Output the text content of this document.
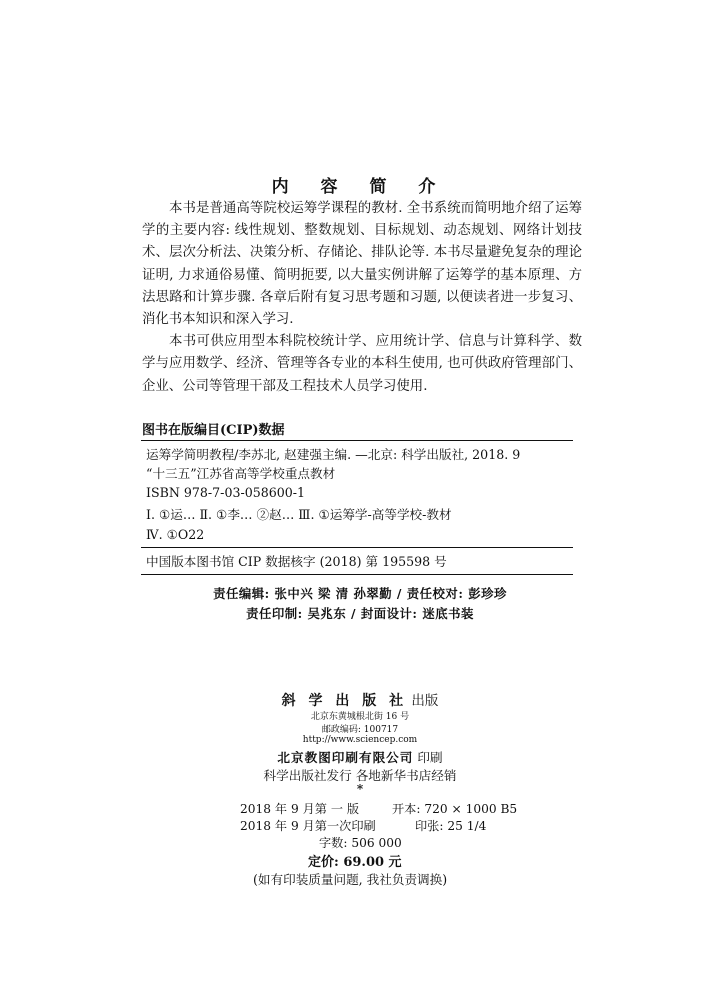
内 容 简 介

本书是普通高等院校运筹学课程的教材. 全书系统而简明地介绍了运筹学的主要内容: 线性规划、整数规划、目标规划、动态规划、网络计划技术、层次分析法、决策分析、存储论、排队论等. 本书尽量避免复杂的理论证明, 力求通俗易懂、简明扼要, 以大量实例讲解了运筹学的基本原理、方法思路和计算步骤. 各章后附有复习思考题和习题, 以便读者进一步复习、消化书本知识和深入学习.

本书可供应用型本科院校统计学、应用统计学、信息与计算科学、数学与应用数学、经济、管理等各专业的本科生使用, 也可供政府管理部门、企业、公司等管理干部及工程技术人员学习使用.

图书在版编目(CIP)数据
运筹学简明教程/李苏北, 赵建强主编. —北京: 科学出版社, 2018. 9
“十三五”江苏省高等学校重点教材
ISBN 978-7-03-058600-1
Ⅰ. ①运… Ⅱ. ①李… ②赵… Ⅲ. ①运筹学-高等学校-教材
Ⅳ. ①O22
中国版本图书馆 CIP 数据核字 (2018) 第 195598 号
责任编辑: 张中兴 梁 清 孙翠勤 / 责任校对: 彭珍珍
责任印制: 吴兆东 / 封面设计: 迷底书装
斜 学 出 版 社 出版
北京东黄城根北街 16 号
邮政编码: 100717
http://www.sciencep.com
北京教图印刷有限公司 印刷
科学出版社发行 各地新华书店经销
*
2018 年 9 月第 一 版	开本: 720 × 1000 B5
2018 年 9 月第一次印刷	印张: 25 1/4
字数: 506 000
定价: 69.00 元
(如有印装质量问题, 我社负责调换)
